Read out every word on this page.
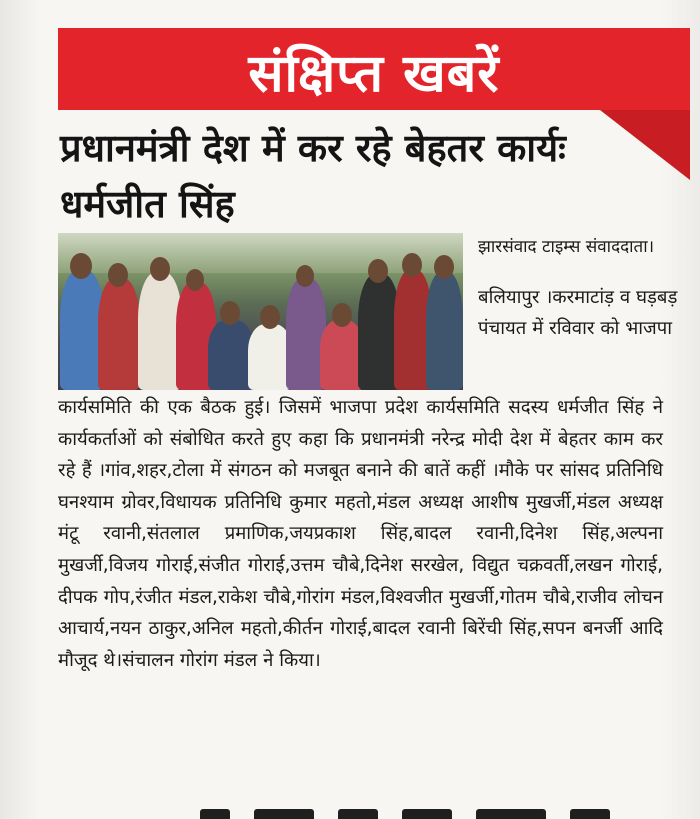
संक्षिप्त खबरें
प्रधानमंत्री देश में कर रहे बेहतर कार्यः धर्मजीत सिंह
झारसंवाद टाइम्स संवाददाता।
बलियापुर ।करमाटांड़ व घड़बड़ पंचायत में रविवार को भाजपा
कार्यसमिति की एक बैठक हुई। जिसमें भाजपा प्रदेश कार्यसमिति सदस्य धर्मजीत सिंह ने कार्यकर्ताओं को संबोधित करते हुए कहा कि प्रधानमंत्री नरेन्द्र मोदी देश में बेहतर काम कर रहे हैं ।गांव,शहर,टोला में संगठन को मजबूत बनाने की बातें कहीं ।मौके पर सांसद प्रतिनिधि घनश्याम ग्रोवर,विधायक प्रतिनिधि कुमार महतो,मंडल अध्यक्ष आशीष मुखर्जी,मंडल अध्यक्ष मंटू रवानी,संतलाल प्रमाणिक,जयप्रकाश सिंह,बादल रवानी,दिनेश सिंह,अल्पना मुखर्जी,विजय गोराई,संजीत गोराई,उत्तम चौबे,दिनेश सरखेल, विद्युत चक्रवर्ती,लखन गोराई, दीपक गोप,रंजीत मंडल,राकेश चौबे,गोरांग मंडल,विश्वजीत मुखर्जी,गोतम चौबे,राजीव लोचन आचार्य,नयन ठाकुर,अनिल महतो,कीर्तन गोराई,बादल रवानी बिरेंची सिंह,सपन बनर्जी आदि मौजूद थे।संचालन गोरांग मंडल ने किया।
